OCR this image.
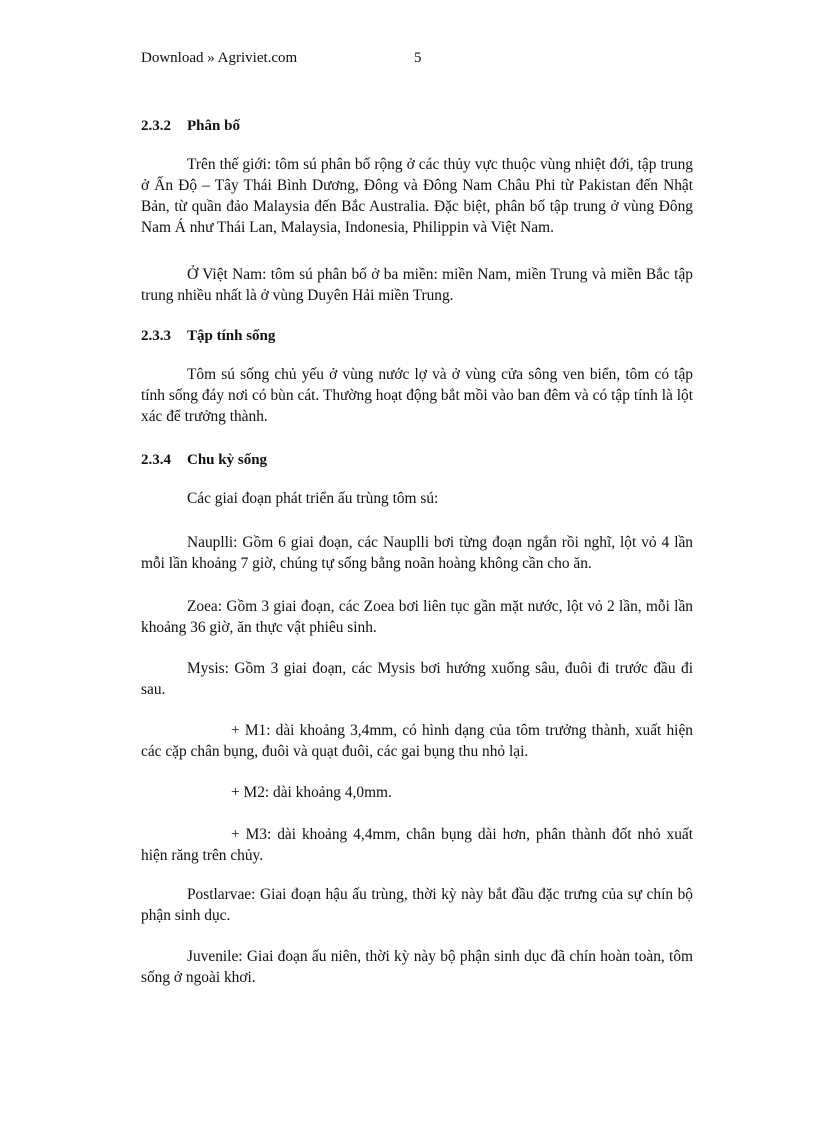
Download » Agriviet.com	5
2.3.2 Phân bố

Trên thế giới: tôm sú phân bố rộng ở các thủy vực thuộc vùng nhiệt đới, tập trung ở Ấn Độ – Tây Thái Bình Dương, Đông và Đông Nam Châu Phi từ Pakistan đến Nhật Bản, từ quần đảo Malaysia đến Bắc Australia. Đặc biệt, phân bố tập trung ở vùng Đông Nam Á như Thái Lan, Malaysia, Indonesia, Philippin và Việt Nam.

Ở Việt Nam: tôm sú phân bố ở ba miền: miền Nam, miền Trung và miền Bắc tập trung nhiều nhất là ở vùng Duyên Hải miền Trung.

2.3.3 Tập tính sống

Tôm sú sống chủ yếu ở vùng nước lợ và ở vùng cửa sông ven biển, tôm có tập tính sống đáy nơi có bùn cát. Thường hoạt động bắt mồi vào ban đêm và có tập tính là lột xác để trưởng thành.

2.3.4 Chu kỳ sống

Các giai đoạn phát triển ấu trùng tôm sú:

Nauplli: Gồm 6 giai đoạn, các Nauplli bơi từng đoạn ngắn rồi nghĩ, lột vỏ 4 lần mỗi lần khoảng 7 giờ, chúng tự sống bằng noãn hoàng không cần cho ăn.

Zoea: Gồm 3 giai đoạn, các Zoea bơi liên tục gần mặt nước, lột vỏ 2 lần, mỗi lần khoảng 36 giờ, ăn thực vật phiêu sinh.

Mysis: Gồm 3 giai đoạn, các Mysis bơi hướng xuống sâu, đuôi đi trước đầu đi sau.

+ M1: dài khoảng 3,4mm, có hình dạng của tôm trưởng thành, xuất hiện các cặp chân bụng, đuôi và quạt đuôi, các gai bụng thu nhỏ lại.

+ M2: dài khoảng 4,0mm.

+ M3: dài khoảng 4,4mm, chân bụng dài hơn, phân thành đốt nhỏ xuất hiện răng trên chủy.

Postlarvae: Giai đoạn hậu ấu trùng, thời kỳ này bắt đầu đặc trưng của sự chín bộ phận sinh dục.

Juvenile: Giai đoạn ấu niên, thời kỳ này bộ phận sinh dục đã chín hoàn toàn, tôm sống ở ngoài khơi.
